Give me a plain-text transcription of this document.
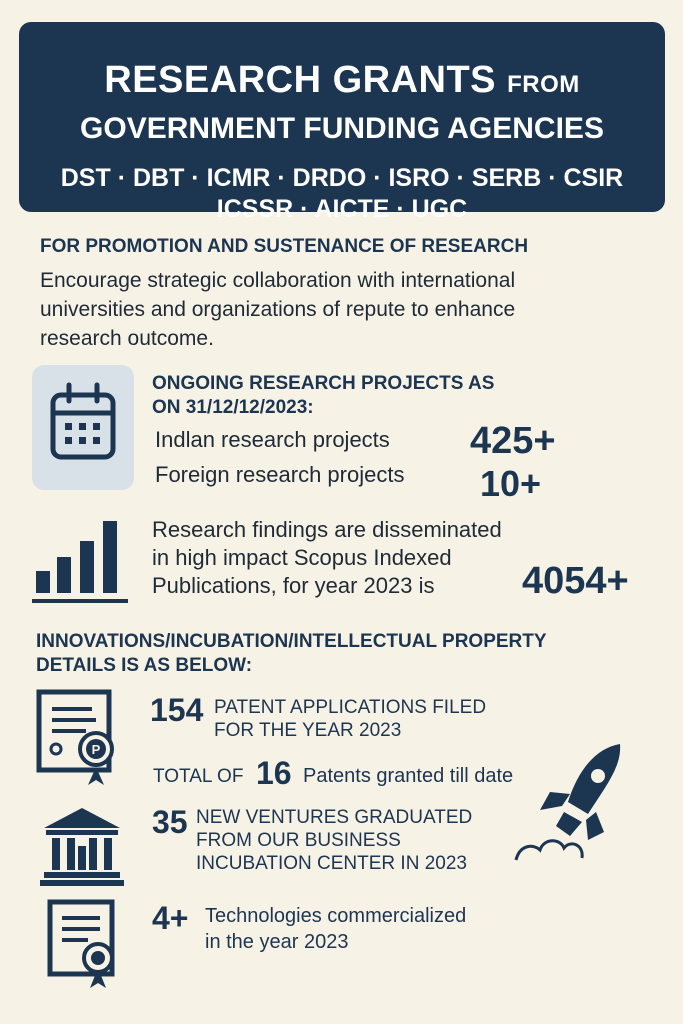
RESEARCH GRANTS FROM
GOVERNMENT FUNDING AGENCIES
DST · DBT · ICMR · DRDO · ISRO · SERB · CSIR
ICSSR · AICTE · UGC
FOR PROMOTION AND SUSTENANCE OF RESEARCH
Encourage strategic collaboration with international
universities and organizations of repute to enhance
research outcome.
ONGOING RESEARCH PROJECTS AS
ON 31/12/12/2023:
Indlan research projects 425+
Foreign research projects 10+
Research findings are disseminated
in high impact Scopus Indexed
Publications, for year 2023 is	4054+
INNOVATIONS/INCUBATION/INTELLECTUAL PROPERTY
DETAILS IS AS BELOW:
P
154 PATENT APPLICATIONS FILED
FOR THE YEAR 2023
TOTAL OF 16 Patents granted till date
35 NEW VENTURES GRADUATED
FROM OUR BUSINESS
INCUBATION CENTER IN 2023
4+ Technologies commercialized
in the year 2023
